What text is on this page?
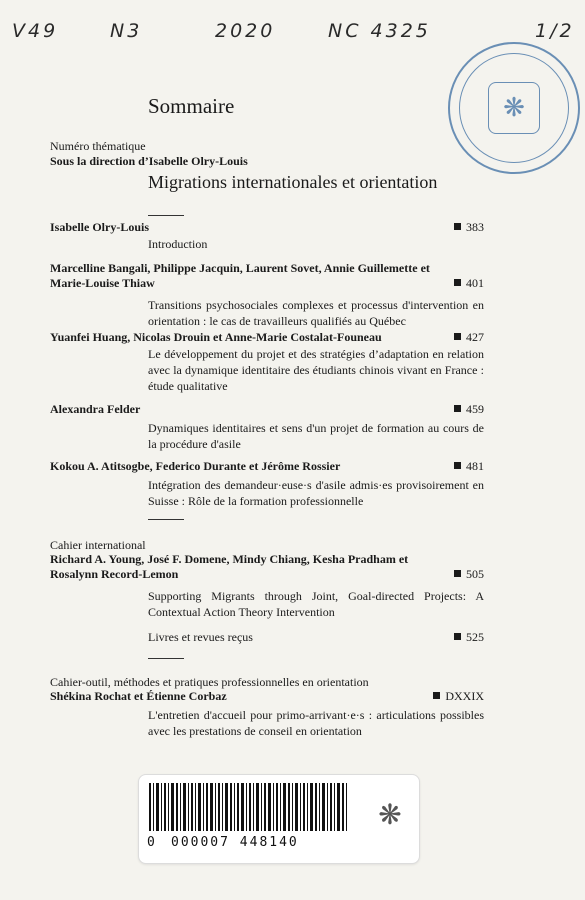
V49	N3	2020	NC 4325	1/2

❋
Sommaire
Numéro thématique
Sous la direction d’Isabelle Olry-Louis
Migrations internationales et orientation
Isabelle Olry-Louis	383
Introduction
Marcelline Bangali, Philippe Jacquin, Laurent Sovet, Annie Guillemette et Marie-Louise Thiaw	401
Transitions psychosociales complexes et processus d'intervention en orientation : le cas de travailleurs qualifiés au Québec
Yuanfei Huang, Nicolas Drouin et Anne-Marie Costalat-Founeau	427
Le développement du projet et des stratégies d’adaptation en relation avec la dynamique identitaire des étudiants chinois vivant en France : étude qualitative
Alexandra Felder	459
Dynamiques identitaires et sens d'un projet de formation au cours de la procédure d'asile
Kokou A. Atitsogbe, Federico Durante et Jérôme Rossier	481
Intégration des demandeur·euse·s d'asile admis·es provisoirement en Suisse : Rôle de la formation professionnelle
Cahier international
Richard A. Young, José F. Domene, Mindy Chiang, Kesha Pradham et Rosalynn Record-Lemon	505
Supporting Migrants through Joint, Goal-directed Projects: A Contextual Action Theory Intervention
Livres et revues reçus	525
Cahier-outil, méthodes et pratiques professionnelles en orientation
Shékina Rochat et Étienne Corbaz	DXXIX
L'entretien d'accueil pour primo-arrivant·e·s : articulations possibles avec les prestations de conseil en orientation
0 000007 448140
❋
